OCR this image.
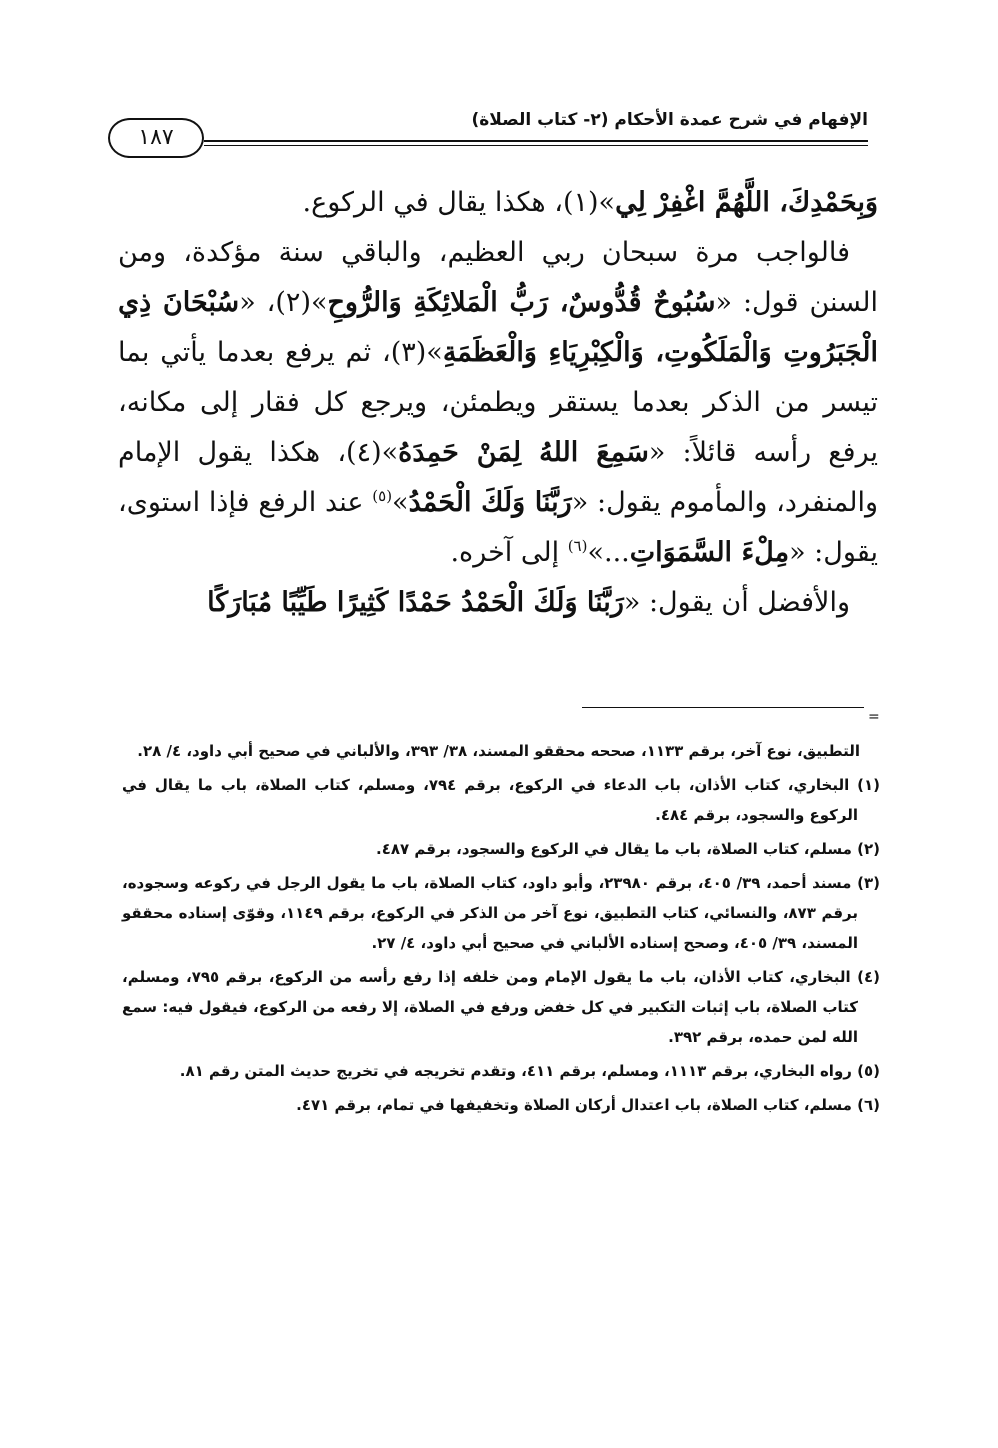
الإفهام في شرح عمدة الأحكام (٢- كتاب الصلاة)
١٨٧

وَبِحَمْدِكَ، اللَّهُمَّ اغْفِرْ لِي»(١)، هكذا يقال في الركوع.

فالواجب مرة سبحان ربي العظيم، والباقي سنة مؤكدة، ومن السنن قول: «سُبُوحٌ قُدُّوسٌ، رَبُّ الْمَلائِكَةِ وَالرُّوحِ»(٢)، «سُبْحَانَ ذِي الْجَبَرُوتِ وَالْمَلَكُوتِ، وَالْكِبْرِيَاءِ وَالْعَظَمَةِ»(٣)، ثم يرفع بعدما يأتي بما تيسر من الذكر بعدما يستقر ويطمئن، ويرجع كل فقار إلى مكانه، يرفع رأسه قائلاً: «سَمِعَ اللهُ لِمَنْ حَمِدَهُ»(٤)، هكذا يقول الإمام والمنفرد، والمأموم يقول: «رَبَّنَا وَلَكَ الْحَمْدُ»$^{(٥)}$ عند الرفع فإذا استوى، يقول: «مِلْءَ السَّمَوَاتِ...»$^{(٦)}$ إلى آخره.

والأفضل أن يقول: «رَبَّنَا وَلَكَ الْحَمْدُ حَمْدًا كَثِيرًا طَيِّبًا مُبَارَكًا

=

التطبيق، نوع آخر، برقم ١١٣٣، صححه محققو المسند، ٣٨/ ٣٩٣، والألباني في صحيح أبي داود، ٤/ ٢٨.

(١) البخاري، كتاب الأذان، باب الدعاء في الركوع، برقم ٧٩٤، ومسلم، كتاب الصلاة، باب ما يقال في الركوع والسجود، برقم ٤٨٤.

(٢) مسلم، كتاب الصلاة، باب ما يقال في الركوع والسجود، برقم ٤٨٧.

(٣) مسند أحمد، ٣٩/ ٤٠٥، برقم ٢٣٩٨٠، وأبو داود، كتاب الصلاة، باب ما يقول الرجل في ركوعه وسجوده، برقم ٨٧٣، والنسائي، كتاب التطبيق، نوع آخر من الذكر في الركوع، برقم ١١٤٩، وقوّى إسناده محققو المسند، ٣٩/ ٤٠٥، وصحح إسناده الألباني في صحيح أبي داود، ٤/ ٢٧.

(٤) البخاري، كتاب الأذان، باب ما يقول الإمام ومن خلفه إذا رفع رأسه من الركوع، برقم ٧٩٥، ومسلم، كتاب الصلاة، باب إثبات التكبير في كل خفض ورفع في الصلاة، إلا رفعه من الركوع، فيقول فيه: سمع الله لمن حمده، برقم ٣٩٢.

(٥) رواه البخاري، برقم ١١١٣، ومسلم، برقم ٤١١، وتقدم تخريجه في تخريج حديث المتن رقم ٨١.

(٦) مسلم، كتاب الصلاة، باب اعتدال أركان الصلاة وتخفيفها في تمام، برقم ٤٧١.
